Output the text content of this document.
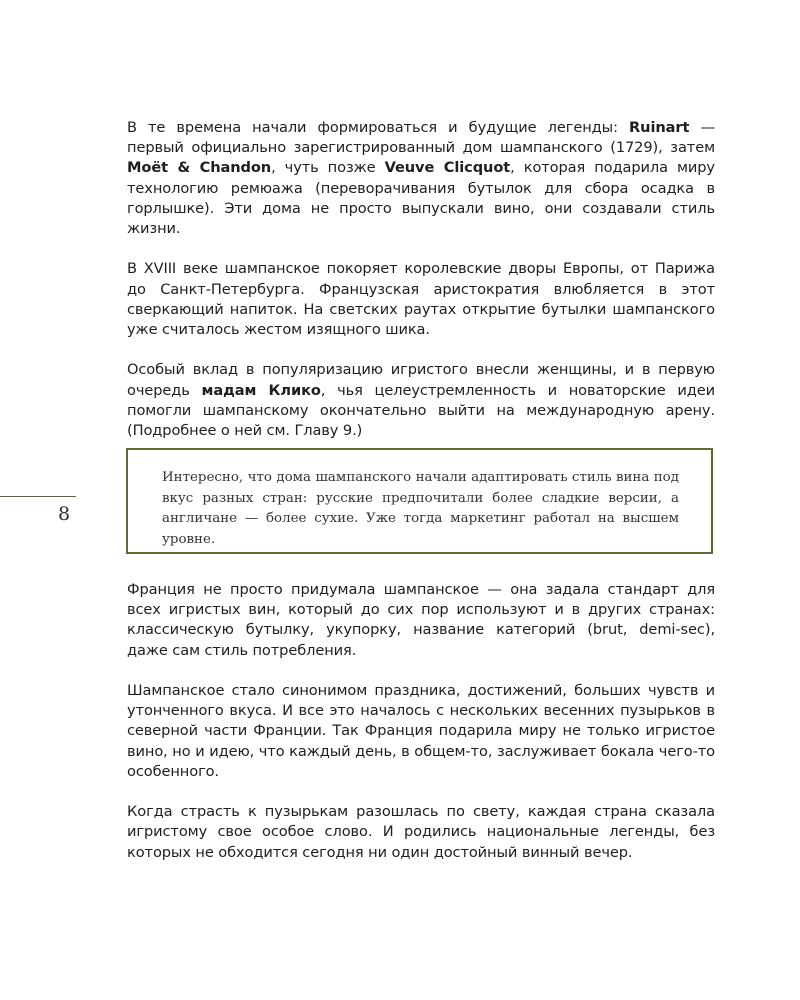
В те времена начали формироваться и будущие легенды: Ruinart — первый официально зарегистрированный дом шампанского (1729), затем Moët & Chandon, чуть позже Veuve Clicquot, которая подарила миру технологию ремюажа (переворачивания бутылок для сбора осадка в горлышке). Эти дома не просто выпускали вино, они создавали стиль жизни.

В XVIII веке шампанское покоряет королевские дворы Европы, от Парижа до Санкт-Петербурга. Французская аристократия влюбляется в этот сверкающий напиток. На светских раутах открытие бутылки шампанского уже считалось жестом изящного шика.

Особый вклад в популяризацию игристого внесли женщины, и в первую очередь мадам Клико, чья целеустремленность и новаторские идеи помогли шампанскому окончательно выйти на международную арену. (Подробнее о ней см. Главу 9.)

8

Интересно, что дома шампанского начали адаптировать стиль вина под вкус разных стран: русские предпочитали более сладкие версии, а англичане — более сухие. Уже тогда маркетинг работал на высшем уровне.

Франция не просто придумала шампанское — она задала стандарт для всех игристых вин, который до сих пор используют и в других странах: классическую бутылку, укупорку, название категорий (brut, demi-sec), даже сам стиль потребления.

Шампанское стало синонимом праздника, достижений, больших чувств и утонченного вкуса. И все это началось с нескольких весенних пузырьков в северной части Франции. Так Франция подарила миру не только игристое вино, но и идею, что каждый день, в общем-то, заслуживает бокала чего-то особенного.

Когда страсть к пузырькам разошлась по свету, каждая страна сказала игристому свое особое слово. И родились национальные легенды, без которых не обходится сегодня ни один достойный винный вечер.
